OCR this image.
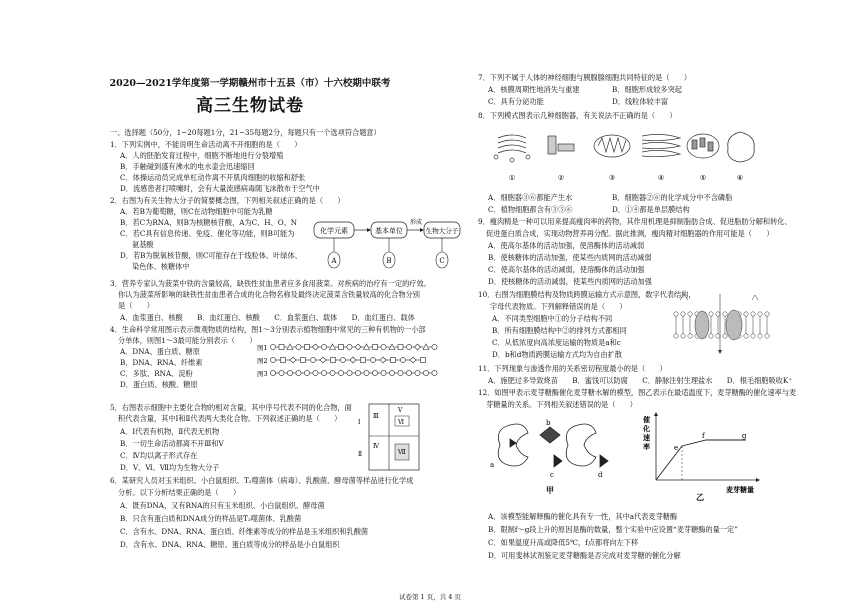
2020—2021学年度第一学期赣州市十五县（市）十六校期中联考
高三生物试卷
一、选择题（50分，1~20每题1分，21~35每题2分，每题只有一个选项符合题意）
1．下列实例中，不能说明生命活动离不开细胞的是（　　）
A．人的胚胎发育过程中，细胞不断地进行分裂增殖
B．手触碰到盛有沸水的电水壶会迅速缩回
C．体操运动员完成单杠动作离不开肌肉细胞的收缩和舒张
D．流感患者打喷嚏时，会有大量流感病毒随飞沫散布于空气中
2．右图为有关生物大分子的简要概念图，下列相关叙述正确的是（　　）
A．若B为葡萄糖，则C在动物细胞中可能为乳糖
B．若C为RNA，则B为核糖核苷酸，A为C、H、O、N
C．若C具有信息传递、免疫、催化等功能，则B可能为
氨基酸
D．若B为脱氧核苷酸，则C可能存在于线粒体、叶绿体、
染色体、核糖体中
化学元素	基本单位
形成
生物大分子
A	B	C
3．营养专家认为菠菜中铁的含量较高，缺铁性贫血患者应多食用菠菜。对疾病的治疗有一定的疗效。
你认为菠菜所影响的缺铁性贫血患者合成的化合物名称及最终决定菠菜含铁量较高的化合物分别
是（　　）
A．血浆蛋白、核酸　　B．血红蛋白、核酸　　C．血浆蛋白、载体　　D．血红蛋白、载体
4．生命科学常用图示表示微观物质的结构，图1～3分别表示植物细胞中常见的三种有机物的一小部
分单体，则图1～3最可能分别表示（　　）
A．DNA、蛋白质、糖原
B．DNA、RNA、纤维素
C．多肽、RNA、淀粉
D．蛋白质、核酸、糖原
图1
图2
图3
5．右图表示细胞中主要化合物的相对含量，其中序号代表不同的化合物，面
积代表含量，其中Ⅰ和Ⅱ代表两大类化合物。下列叙述正确的是（　　）
A．Ⅰ代表有机物，Ⅱ代表无机物
B．一切生命活动都离不开Ⅲ和Ⅴ
C．Ⅳ均以离子形式存在
D．Ⅴ、Ⅵ、Ⅶ均为生物大分子
Ⅰ
Ⅱ
Ⅲ
Ⅳ
Ⅴ
Ⅵ
Ⅶ
6．某研究人员对玉米组织、小白鼠组织、T₂噬菌体（病毒）、乳酸菌、酵母菌等样品进行化学成
分析。以下分析结果正确的是（　　）
A．既有DNA，又有RNA的只有玉米组织、小白鼠组织、酵母菌
B．只含有蛋白质和DNA成分的样品是T₂噬菌体、乳酸菌
C．含有水、DNA、RNA、蛋白质、纤维素等成分的样品是玉米组织和乳酸菌
D．含有水、DNA、RNA、糖原、蛋白质等成分的样品是小白鼠组织
7．下列不属于人体的神经细胞与胰腺腺细胞共同特征的是（　　）
A．核膜周期性地消失与重建	B．细胞形成较多突起
C．具有分泌功能	D．线粒体较丰富
8．下列模式图表示几种细胞器，有关说法不正确的是（　　）
①	②	③	④	⑤	⑥
A．细胞器③⑥都能产生水	B．细胞器②⑥的化学成分中不含磷脂
C．植物细胞都含有③⑤⑥	D．①④都是单层膜结构
9．瘦肉精是一种可以用来提高瘦肉率的药物，其作用机理是抑制脂肪合成、促进脂肪分解和转化、
促进蛋白质合成，实现动物营养再分配。据此推测，瘦肉精对细胞器的作用可能是（　　）
A．使高尔基体的活动加强，使溶酶体的活动减弱
B．使核糖体的活动加强，使某些内质网的活动减弱
C．使高尔基体的活动减弱，使溶酶体的活动加强
D．使核糖体的活动减弱，使某些内质网的活动加强
10．右图为细胞膜结构及物质跨膜运输方式示意图，数字代表结构，
字母代表物质。下列解释错误的是（　　）
A．不同类型细胞中①的分子结构不同
B．所有细胞膜结构中②的排列方式都相同
C．从低浓度向高浓度运输的物质是a和c
D．b和d物质跨膜运输方式均为自由扩散
11．下列现象与渗透作用的关系密切程度最小的是（　　）
A．施肥过多导致烧苗　　B．蜜饯可以防腐　　C．静脉注射生理盐水　　D．根毛细胞吸收K⁺
12．如图甲表示麦芽糖酶催化麦芽糖水解的模型，图乙表示在最适温度下，麦芽糖酶的催化速率与麦
芽糖量的关系。下列相关叙述错误的是（　　）
a
b
c	d
甲
催化速率	e
f	g
麦芽糖量
乙
A．该模型能解释酶的催化具有专一性，其中a代表麦芽糖酶
B．限制f～g段上升的原因是酶的数量，整个实验中应设置“麦芽糖酶的量一定”
C．如果温度升高或降低5℃，f点都将向左下移
D．可用斐林试剂鉴定麦芽糖酶是否完成对麦芽糖的催化分解
试卷第 1 页，共 4 页
